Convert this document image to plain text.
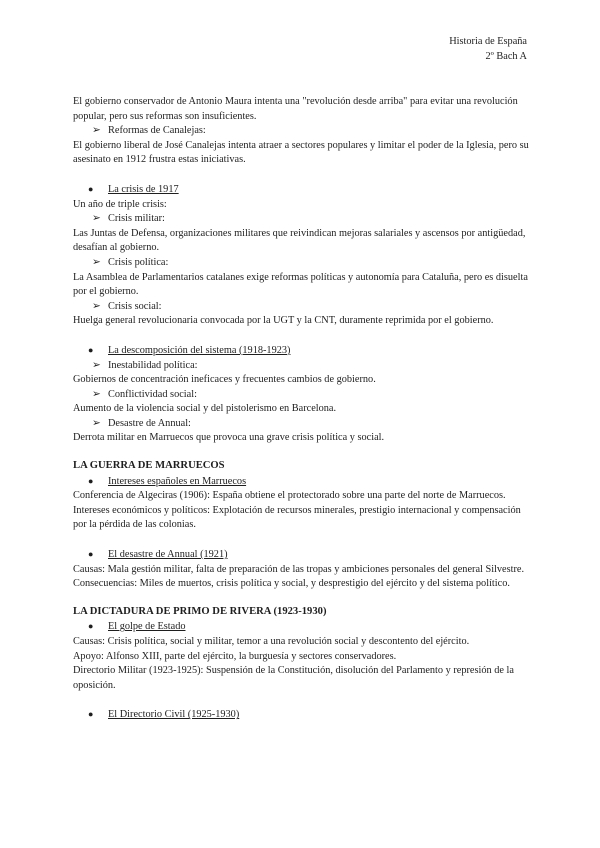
Historia de España
2º Bach A

El gobierno conservador de Antonio Maura intenta una "revolución desde arriba" para evitar una revolución popular, pero sus reformas son insuficientes.

➢ Reformas de Canalejas:

El gobierno liberal de José Canalejas intenta atraer a sectores populares y limitar el poder de la Iglesia, pero su asesinato en 1912 frustra estas iniciativas.

● La crisis de 1917

Un año de triple crisis:

➢ Crisis militar:

Las Juntas de Defensa, organizaciones militares que reivindican mejoras salariales y ascensos por antigüedad, desafían al gobierno.

➢ Crisis política:

La Asamblea de Parlamentarios catalanes exige reformas políticas y autonomía para Cataluña, pero es disuelta por el gobierno.

➢ Crisis social:

Huelga general revolucionaria convocada por la UGT y la CNT, duramente reprimida por el gobierno.

● La descomposición del sistema (1918-1923)

➢ Inestabilidad política:

Gobiernos de concentración ineficaces y frecuentes cambios de gobierno.

➢ Conflictividad social:

Aumento de la violencia social y del pistolerismo en Barcelona.

➢ Desastre de Annual:

Derrota militar en Marruecos que provoca una grave crisis política y social.

LA GUERRA DE MARRUECOS

● Intereses españoles en Marruecos

Conferencia de Algeciras (1906): España obtiene el protectorado sobre una parte del norte de Marruecos.

Intereses económicos y políticos: Explotación de recursos minerales, prestigio internacional y compensación por la pérdida de las colonias.

● El desastre de Annual (1921)

Causas: Mala gestión militar, falta de preparación de las tropas y ambiciones personales del general Silvestre.

Consecuencias: Miles de muertos, crisis política y social, y desprestigio del ejército y del sistema político.

LA DICTADURA DE PRIMO DE RIVERA (1923-1930)

● El golpe de Estado

Causas: Crisis política, social y militar, temor a una revolución social y descontento del ejército.

Apoyo: Alfonso XIII, parte del ejército, la burguesía y sectores conservadores.

Directorio Militar (1923-1925): Suspensión de la Constitución, disolución del Parlamento y represión de la oposición.

● El Directorio Civil (1925-1930)
